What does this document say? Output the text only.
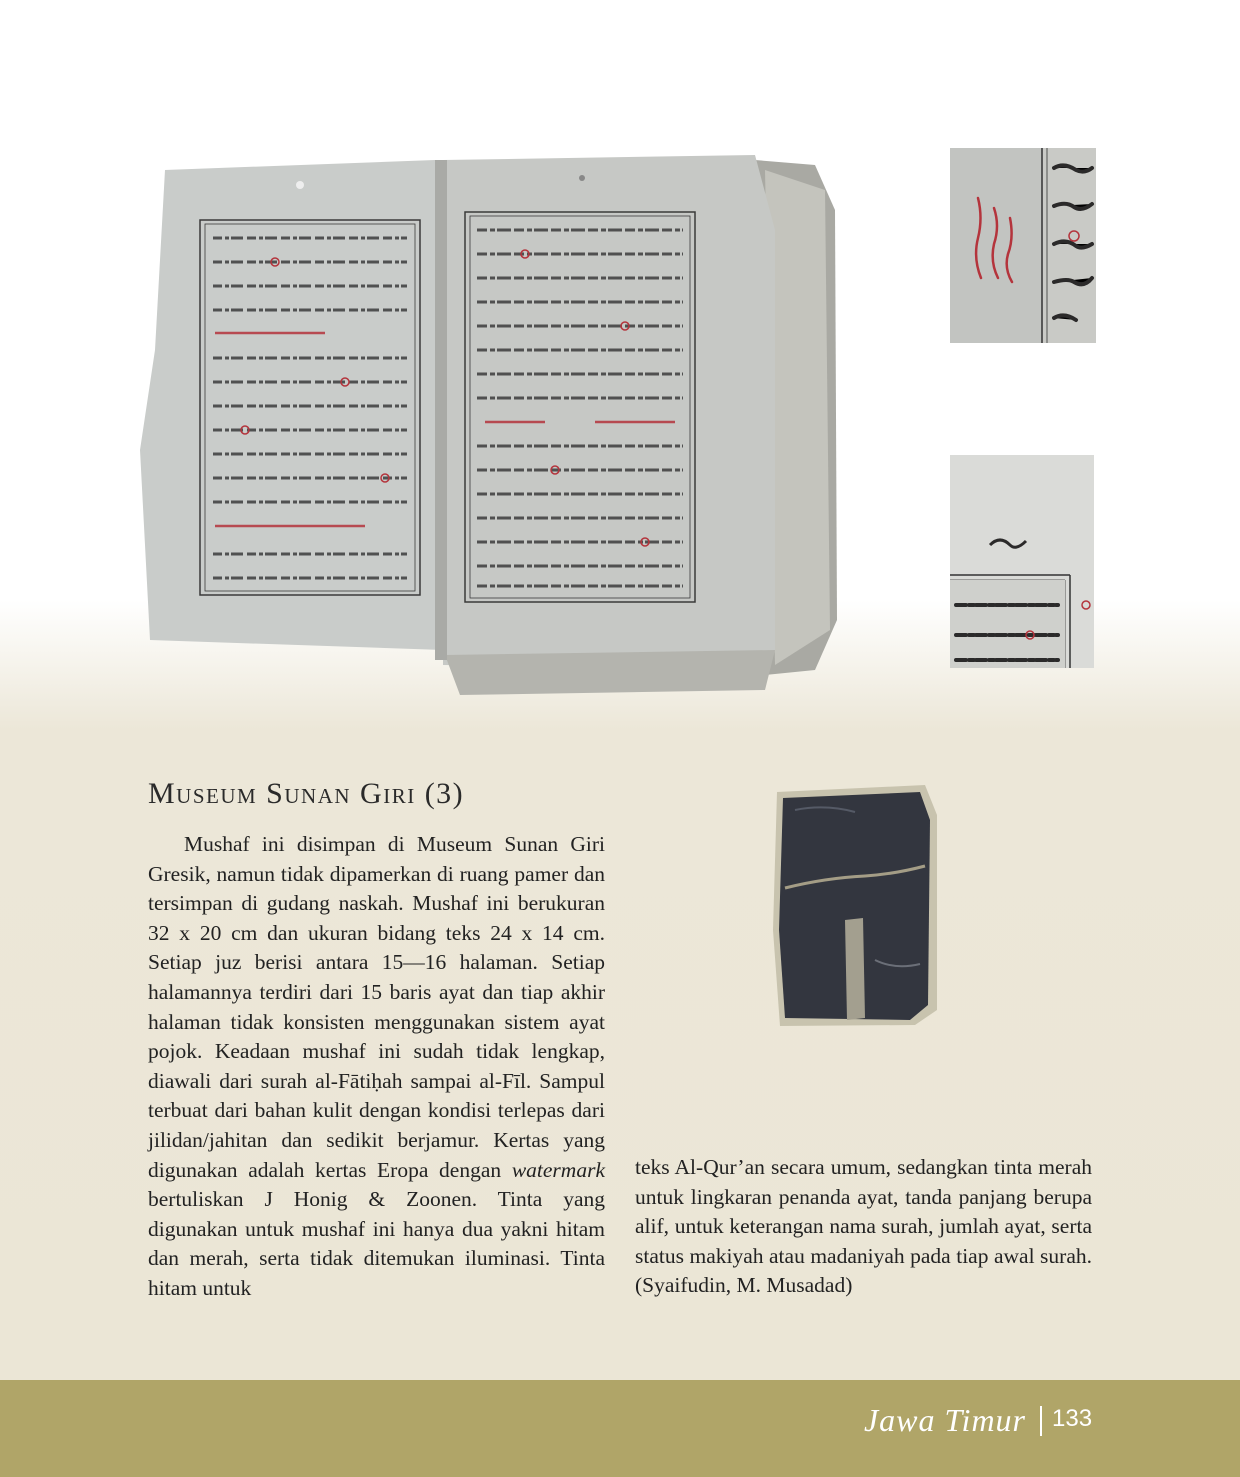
Museum Sunan Giri (3)

Mushaf ini disimpan di Museum Sunan Giri Gresik, namun tidak dipamerkan di ruang pamer dan tersimpan di gudang naskah. Mushaf ini berukuran 32 x 20 cm dan ukuran bidang teks 24 x 14 cm. Setiap juz berisi antara 15—16 halaman. Setiap halamannya terdiri dari 15 baris ayat dan tiap akhir halaman tidak konsisten menggunakan sistem ayat pojok. Keadaan mushaf ini sudah tidak lengkap, diawali dari surah al-Fātiḥah sampai al-Fīl. Sampul terbuat dari bahan kulit dengan kondisi terlepas dari jilidan/jahitan dan sedikit berjamur. Kertas yang digunakan adalah kertas Eropa dengan watermark bertuliskan J Honig & Zoonen. Tinta yang digunakan untuk mushaf ini hanya dua yakni hitam dan merah, serta tidak ditemukan iluminasi. Tinta hitam untuk

teks Al-Qur’an secara umum, sedangkan tinta merah untuk lingkaran penanda ayat, tanda panjang berupa alif, untuk keterangan nama surah, jumlah ayat, serta status makiyah atau madaniyah pada tiap awal surah. (Syaifudin, M. Musadad)

Jawa Timur 133
